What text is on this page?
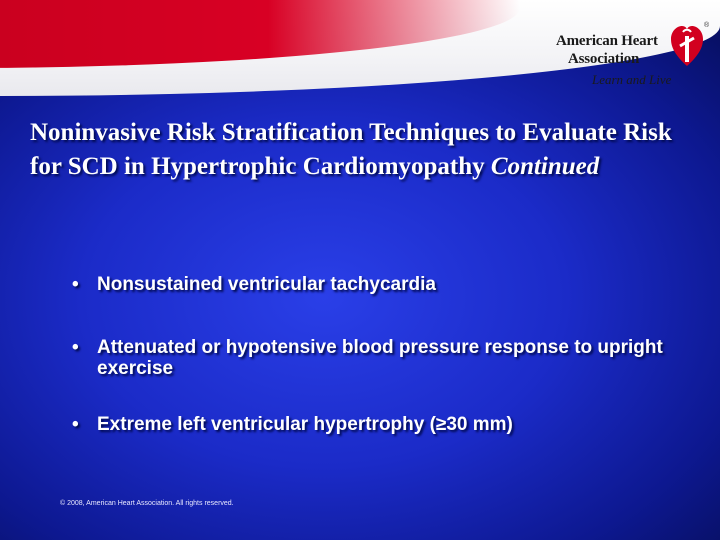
American Heart
Association
Learn and Live
®
Noninvasive Risk Stratification Techniques to Evaluate Risk for SCD in Hypertrophic Cardiomyopathy Continued
• Nonsustained ventricular tachycardia
• Attenuated or hypotensive blood pressure response to upright exercise
• Extreme left ventricular hypertrophy (≥30 mm)
© 2008, American Heart Association. All rights reserved.
